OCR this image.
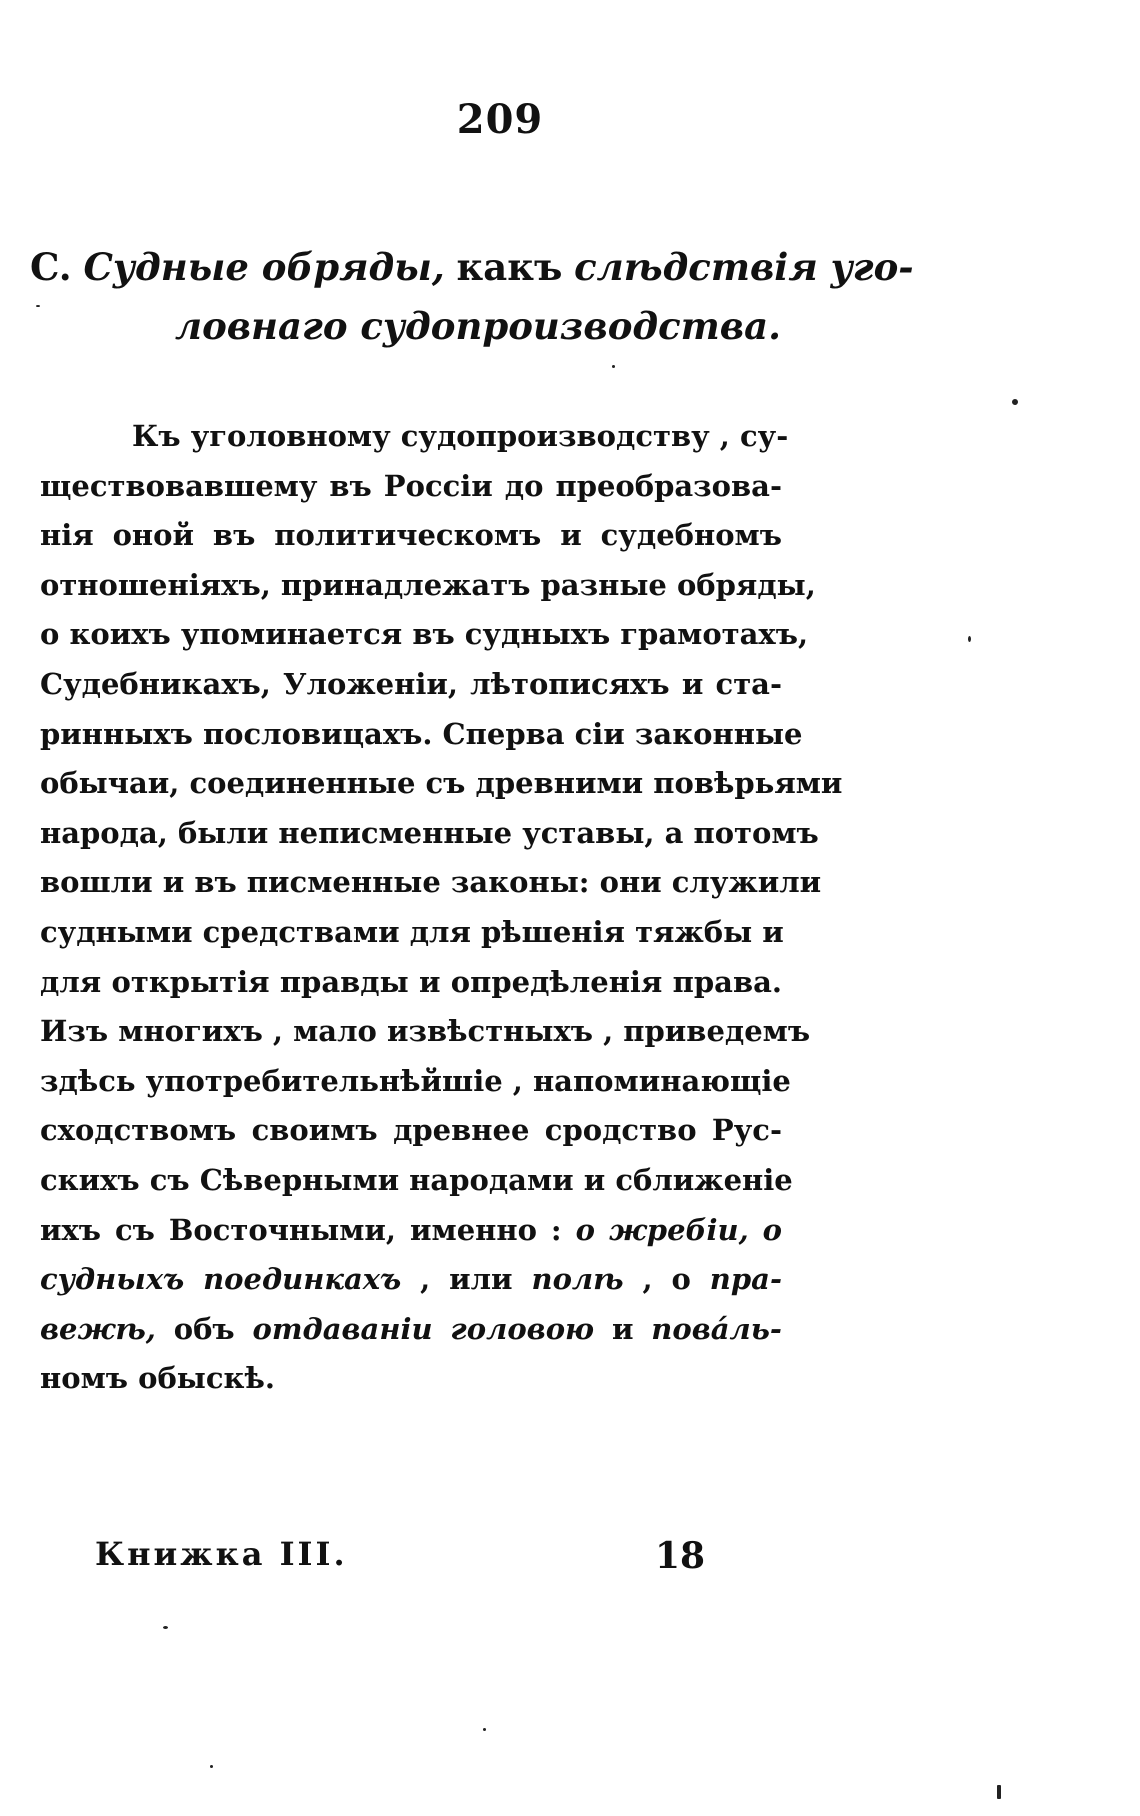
209
C. Судные обряды, какъ слѣдствія уго-
ловнаго судопроизводства.
Къ уголовному судопроизводству , су-
ществовавшему въ Россіи до преобразова-
нія оной въ политическомъ и судебномъ
отношеніяхъ, принадлежатъ разные обряды,
о коихъ упоминается въ судныхъ грамотахъ,
Судебникахъ, Уложеніи, лѣтописяхъ и ста-
ринныхъ пословицахъ. Сперва сіи законные
обычаи, соединенные съ древними повѣрьями
народа, были неписменные уставы, а потомъ
вошли и въ писменные законы: они служили
судными средствами для рѣшенія тяжбы и
для открытія правды и опредѣленія права.
Изъ многихъ , мало извѣстныхъ , приведемъ
здѣсь употребительнѣйшіе , напоминающіе
сходствомъ своимъ древнее сродство Рус-
скихъ съ Сѣверными народами и сближеніе
ихъ съ Восточными, именно : о жребіи, о
судныхъ поединкахъ , или полѣ , о пра-
вежѣ, объ отдаваніи головою и повáль-
номъ обыскѣ.
Книжка III.	18
